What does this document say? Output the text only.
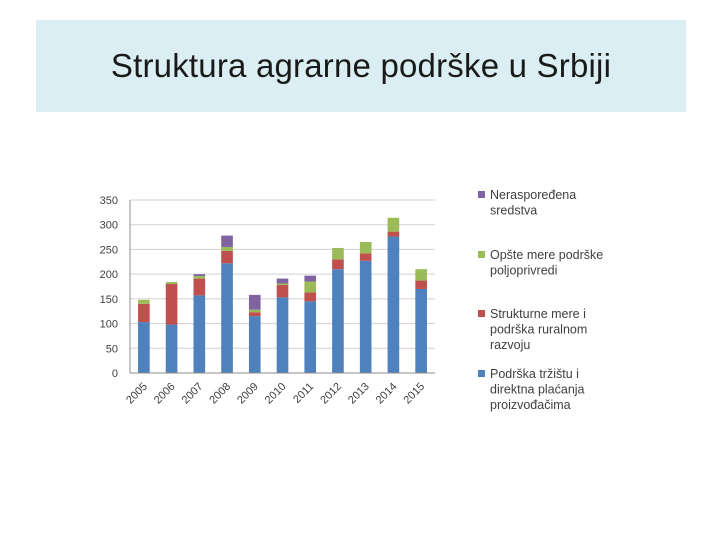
Struktura agrarne podrške u Srbiji
0
50
100
150
200
250
300
350
2005 2006 2007 2008 2009 2010 2011 2012 2013 2014 2015
Neraspoređena
sredstva
Opšte mere podrške
poljoprivredi
Strukturne mere i
podrška ruralnom
razvoju
Podrška tržištu i
direktna plaćanja
proizvođačima
